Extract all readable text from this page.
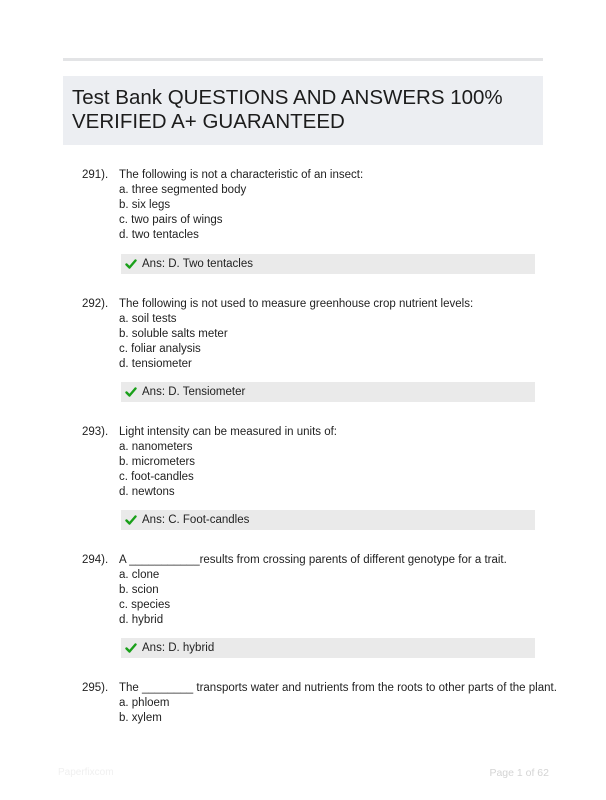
Test Bank QUESTIONS AND ANSWERS 100%
VERIFIED A+ GUARANTEED
291). The following is not a characteristic of an insect:
a. three segmented body
b. six legs
c. two pairs of wings
d. two tentacles
Ans: D. Two tentacles
292). The following is not used to measure greenhouse crop nutrient levels:
a. soil tests
b. soluble salts meter
c. foliar analysis
d. tensiometer
Ans: D. Tensiometer
293). Light intensity can be measured in units of:
a. nanometers
b. micrometers
c. foot-candles
d. newtons
Ans: C. Foot-candles
294). A ___________results from crossing parents of different genotype for a trait.
a. clone
b. scion
c. species
d. hybrid
Ans: D. hybrid
295). The ________ transports water and nutrients from the roots to other parts of the plant.
a. phloem
b. xylem
Paperfixcom	Page 1 of 62
